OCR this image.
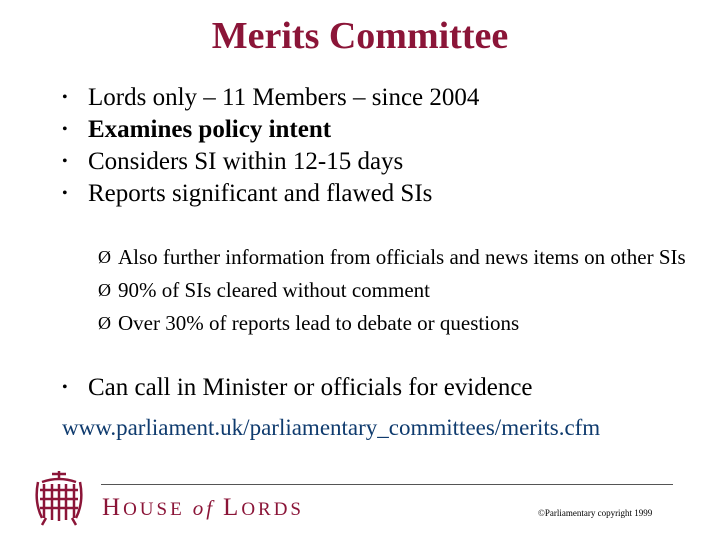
Merits Committee
• Lords only – 11 Members – since 2004
• Examines policy intent
• Considers SI within 12-15 days
• Reports significant and flawed SIs
Ø Also further information from officials and news items on other SIs
Ø 90% of SIs cleared without comment
Ø Over 30% of reports lead to debate or questions
• Can call in Minister or officials for evidence
www.parliament.uk/parliamentary_committees/merits.cfm
HOUSE of LORDS	©Parliamentary copyright 1999
